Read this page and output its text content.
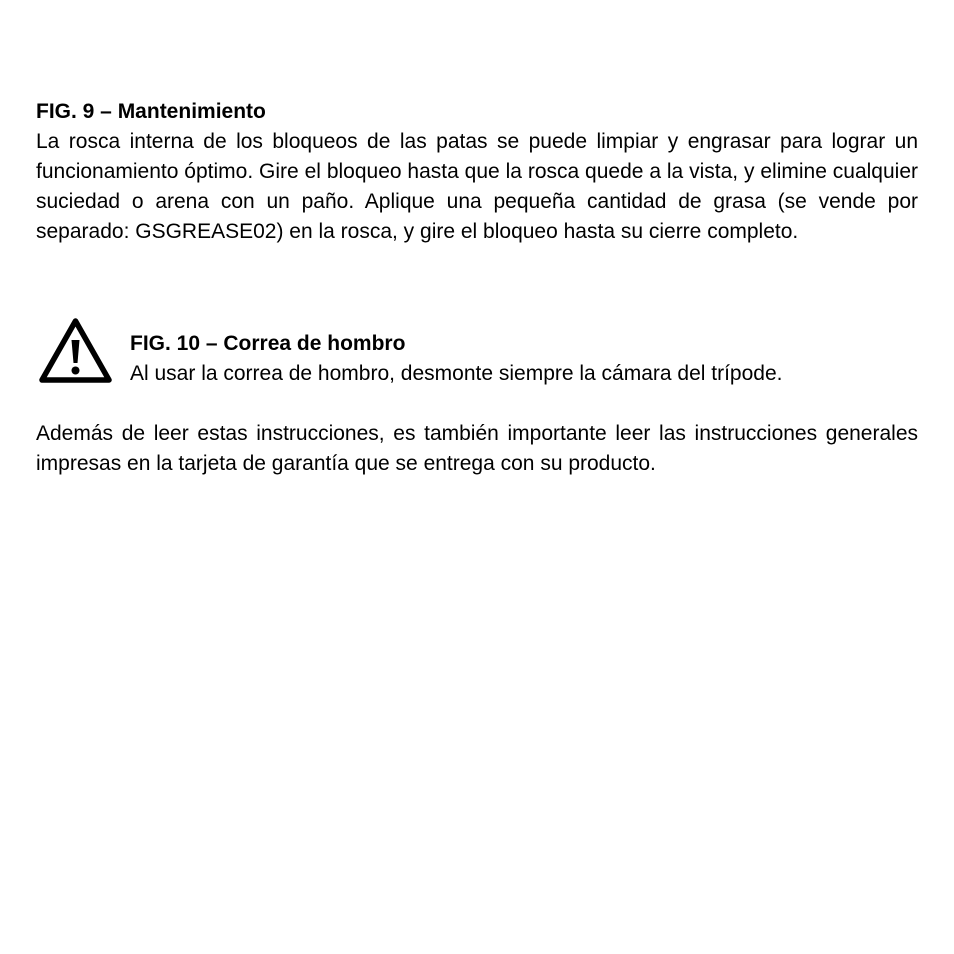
FIG. 9 – Mantenimiento

La rosca interna de los bloqueos de las patas se puede limpiar y engrasar para lograr un funcionamiento óptimo. Gire el bloqueo hasta que la rosca quede a la vista, y elimine cualquier suciedad o arena con un paño. Aplique una pequeña cantidad de grasa (se vende por separado: GSGREASE02) en la rosca, y gire el bloqueo hasta su cierre completo.

FIG. 10 – Correa de hombro

Al usar la correa de hombro, desmonte siempre la cámara del trípode.

Además de leer estas instrucciones, es también importante leer las instrucciones generales impresas en la tarjeta de garantía que se entrega con su producto.
